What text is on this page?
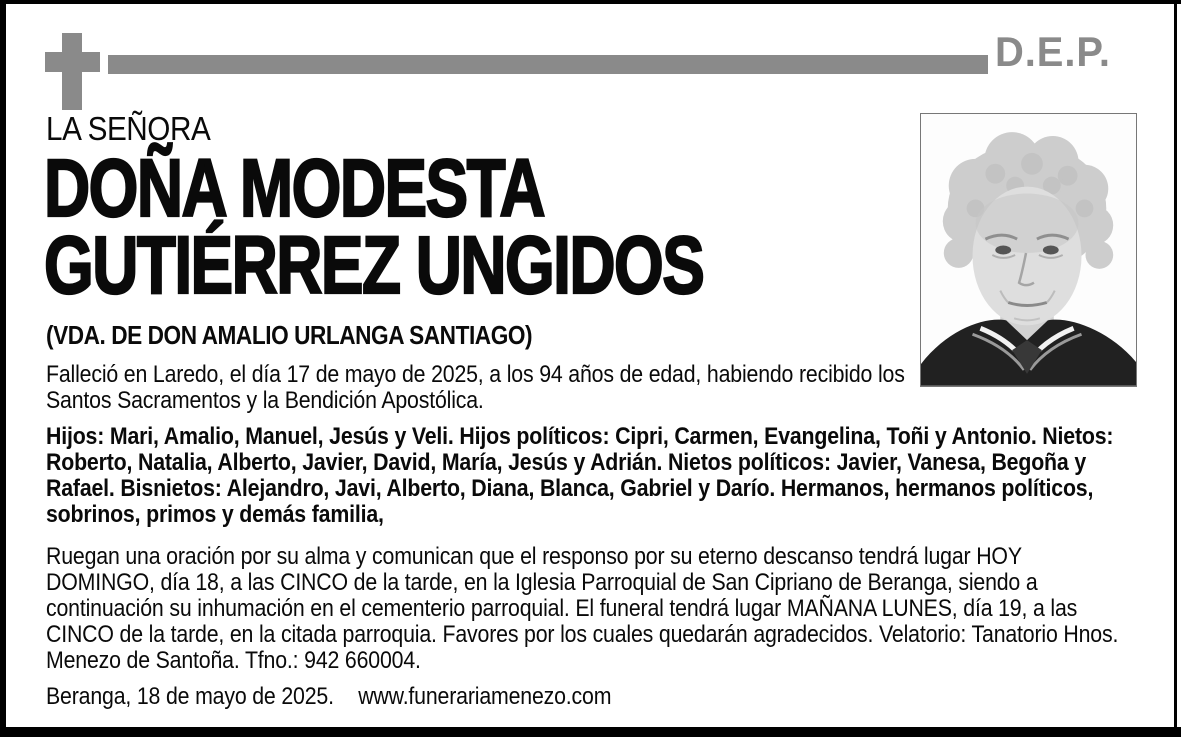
D.E.P.
LA SEÑORA
DOÑA MODESTA
GUTIÉRREZ UNGIDOS
(VDA. DE DON AMALIO URLANGA SANTIAGO)

Falleció en Laredo, el día 17 de mayo de 2025, a los 94 años de edad, habiendo recibido los Santos Sacramentos y la Bendición Apostólica.

Hijos: Mari, Amalio, Manuel, Jesús y Veli. Hijos políticos: Cipri, Carmen, Evangelina, Toñi y Antonio. Nietos: Roberto, Natalia, Alberto, Javier, David, María, Jesús y Adrián. Nietos políticos: Javier, Vanesa, Begoña y Rafael. Bisnietos: Alejandro, Javi, Alberto, Diana, Blanca, Gabriel y Darío. Hermanos, hermanos políticos, sobrinos, primos y demás familia,

Ruegan una oración por su alma y comunican que el responso por su eterno descanso tendrá lugar HOY DOMINGO, día 18, a las CINCO de la tarde, en la Iglesia Parroquial de San Cipriano de Beranga, siendo a continuación su inhumación en el cementerio parroquial. El funeral tendrá lugar MAÑANA LUNES, día 19, a las CINCO de la tarde, en la citada parroquia. Favores por los cuales quedarán agradecidos. Velatorio: Tanatorio Hnos. Menezo de Santoña. Tfno.: 942 660004.

Beranga, 18 de mayo de 2025. www.funerariamenezo.com
